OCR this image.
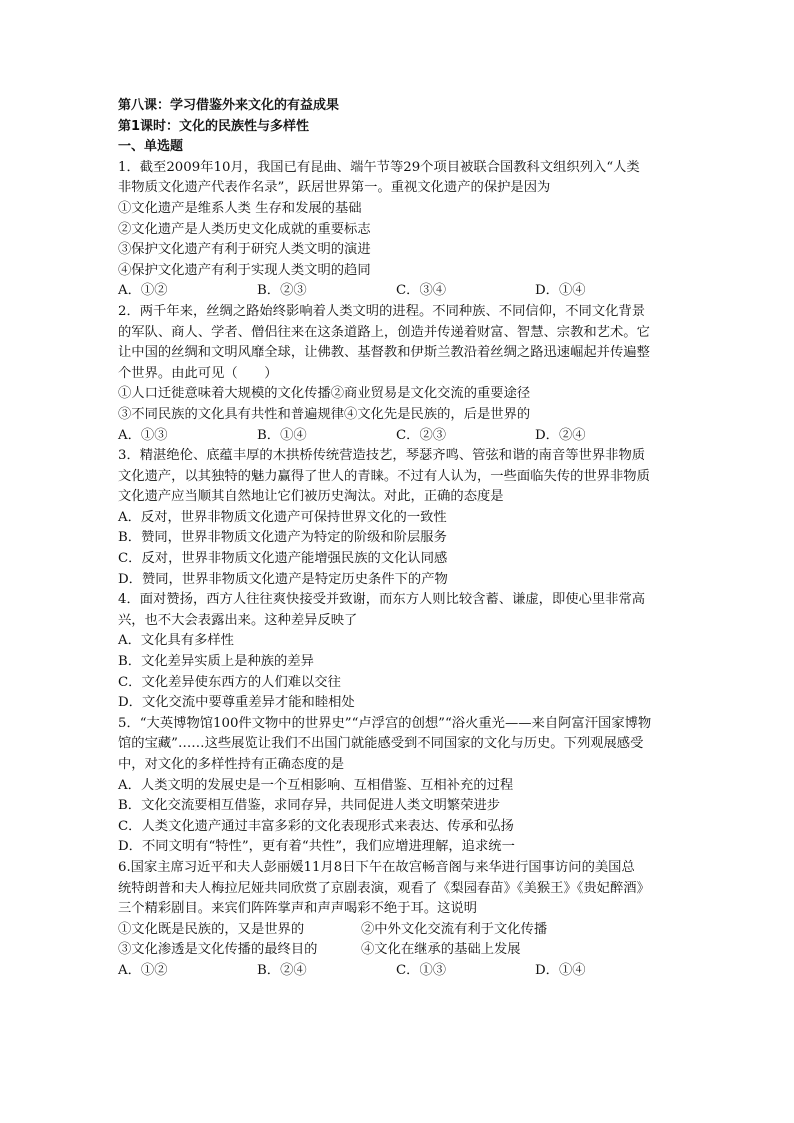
第八课：学习借鉴外来文化的有益成果
第1课时：文化的民族性与多样性
一、单选题
1．截至2009年10月，我国已有昆曲、端午节等29个项目被联合国教科文组织列入“人类
非物质文化遗产代表作名录”，跃居世界第一。重视文化遗产的保护是因为
①文化遗产是维系人类 生存和发展的基础
②文化遗产是人类历史文化成就的重要标志
③保护文化遗产有利于研究人类文明的演进
④保护文化遗产有利于实现人类文明的趋同
A．①②	B．②③	C．③④	D．①④
2．两千年来，丝绸之路始终影响着人类文明的进程。不同种族、不同信仰，不同文化背景
的军队、商人、学者、僧侣往来在这条道路上，创造并传递着财富、智慧、宗教和艺术。它
让中国的丝绸和文明风靡全球，让佛教、基督教和伊斯兰教沿着丝绸之路迅速崛起并传遍整
个世界。由此可见（　　）
①人口迁徙意味着大规模的文化传播②商业贸易是文化交流的重要途径
③不同民族的文化具有共性和普遍规律④文化先是民族的，后是世界的
A．①③	B．①④	C．②③	D．②④
3．精湛绝伦、底蕴丰厚的木拱桥传统营造技艺，琴瑟齐鸣、管弦和谐的南音等世界非物质
文化遗产，以其独特的魅力赢得了世人的青睐。不过有人认为，一些面临失传的世界非物质
文化遗产应当顺其自然地让它们被历史淘汰。对此，正确的态度是
A．反对，世界非物质文化遗产可保持世界文化的一致性
B．赞同，世界非物质文化遗产为特定的阶级和阶层服务
C．反对，世界非物质文化遗产能增强民族的文化认同感
D．赞同，世界非物质文化遗产是特定历史条件下的产物
4．面对赞扬，西方人往往爽快接受并致谢，而东方人则比较含蓄、谦虚，即使心里非常高
兴，也不大会表露出来。这种差异反映了
A．文化具有多样性
B．文化差异实质上是种族的差异
C．文化差异使东西方的人们难以交往
D．文化交流中要尊重差异才能和睦相处
5．“大英博物馆100件文物中的世界史”“卢浮宫的创想”“浴火重光——来自阿富汗国家博物
馆的宝藏”……这些展览让我们不出国门就能感受到不同国家的文化与历史。下列观展感受
中，对文化的多样性持有正确态度的是
A．人类文明的发展史是一个互相影响、互相借鉴、互相补充的过程
B．文化交流要相互借鉴，求同存异，共同促进人类文明繁荣进步
C．人类文化遗产通过丰富多彩的文化表现形式来表达、传承和弘扬
D．不同文明有“特性”，更有着“共性”，我们应增进理解，追求统一
6.国家主席习近平和夫人彭丽媛11月8日下午在故宫畅音阁与来华进行国事访问的美国总
统特朗普和夫人梅拉尼娅共同欣赏了京剧表演，观看了《梨园春苗》《美猴王》《贵妃醉酒》
三个精彩剧目。来宾们阵阵掌声和声声喝彩不绝于耳。这说明
①文化既是民族的，又是世界的	②中外文化交流有利于文化传播
③文化渗透是文化传播的最终目的	④文化在继承的基础上发展
A．①②	B．②④	C．①③	D．①④
